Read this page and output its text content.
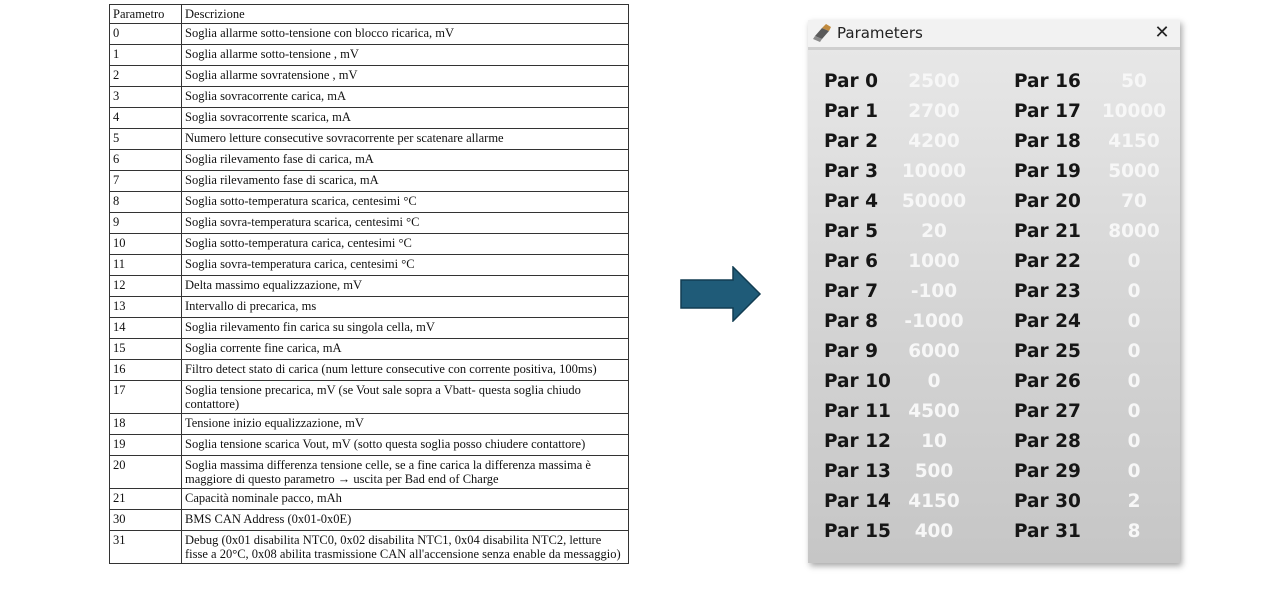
Parametro	Descrizione
0	Soglia allarme sotto-tensione con blocco ricarica, mV
1	Soglia allarme sotto-tensione , mV
2	Soglia allarme sovratensione , mV
3	Soglia sovracorrente carica, mA
4	Soglia sovracorrente scarica, mA
5	Numero letture consecutive sovracorrente per scatenare allarme
6	Soglia rilevamento fase di carica, mA
7	Soglia rilevamento fase di scarica, mA
8	Soglia sotto-temperatura scarica, centesimi °C
9	Soglia sovra-temperatura scarica, centesimi °C
10	Soglia sotto-temperatura carica, centesimi °C
11	Soglia sovra-temperatura carica, centesimi °C
12	Delta massimo equalizzazione, mV
13	Intervallo di precarica, ms
14	Soglia rilevamento fin carica su singola cella, mV
15	Soglia corrente fine carica, mA
16	Filtro detect stato di carica (num letture consecutive con corrente positiva, 100ms)
17	Soglia tensione precarica, mV (se Vout sale sopra a Vbatt- questa soglia chiudo contattore)
18	Tensione inizio equalizzazione, mV
19	Soglia tensione scarica Vout, mV (sotto questa soglia posso chiudere contattore)
20	Soglia massima differenza tensione celle, se a fine carica la differenza massima è maggiore di questo parametro → uscita per Bad end of Charge
21	Capacità nominale pacco, mAh
30	BMS CAN Address (0x01-0x0E)
31	Debug (0x01 disabilita NTC0, 0x02 disabilita NTC1, 0x04 disabilita NTC2, letture fisse a 20°C, 0x08 abilita trasmissione CAN all'accensione senza enable da messaggio)
Parameters	✕
Par 0	2500
Par 1	2700
Par 2	4200
Par 3 10000
Par 4 50000
Par 5	20
Par 6	1000
Par 7	-100
Par 8 -1000
Par 9	6000
Par 10	0
Par 11 4500
Par 12	10
Par 13	500
Par 14 4150
Par 15	400
Par 16	50
Par 17 10000
Par 18	4150
Par 19	5000
Par 20	70
Par 21	8000
Par 22	0
Par 23	0
Par 24	0
Par 25	0
Par 26	0
Par 27	0
Par 28	0
Par 29	0
Par 30	2
Par 31	8
